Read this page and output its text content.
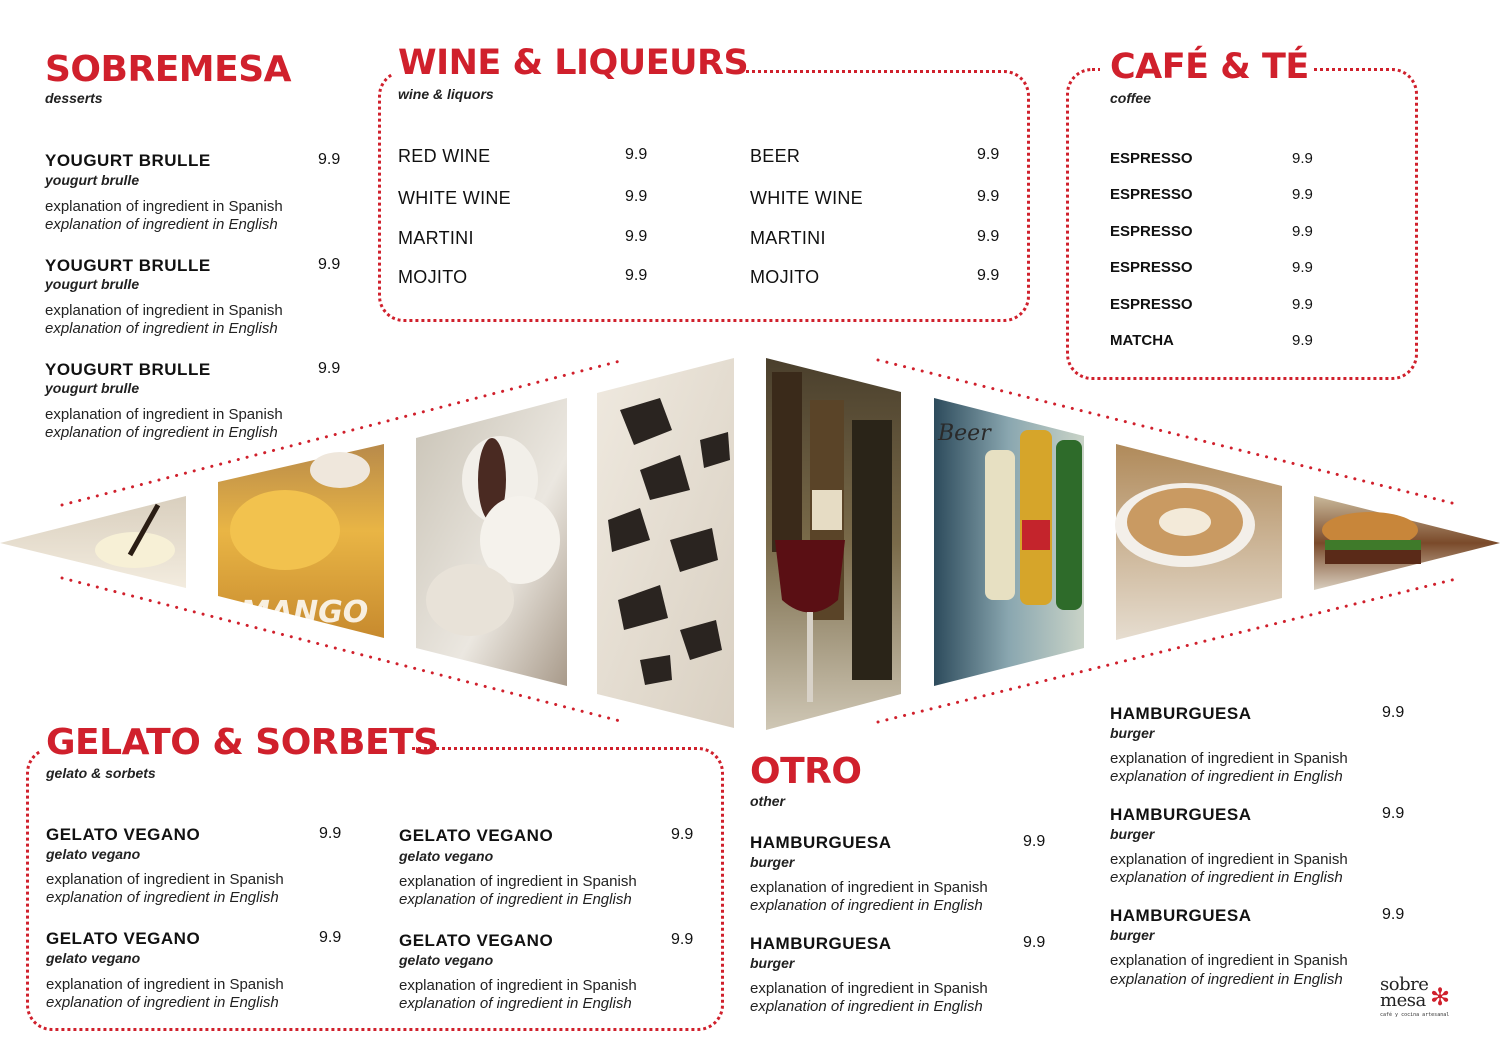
MANGO
Beer
SOBREMESA
desserts
YOUGURT BRULLE	9.9
yougurt brulle
explanation of ingredient in Spanish
explanation of ingredient in English
YOUGURT BRULLE	9.9
yougurt brulle
explanation of ingredient in Spanish
explanation of ingredient in English
YOUGURT BRULLE	9.9
yougurt brulle
explanation of ingredient in Spanish
explanation of ingredient in English
WINE & LIQUEURS
wine & liquors
RED WINE	9.9
WHITE WINE	9.9
MARTINI	9.9
MOJITO	9.9
BEER	9.9
WHITE WINE	9.9
MARTINI	9.9
MOJITO	9.9
CAFÉ & TÉ
coffee
ESPRESSO	9.9
ESPRESSO	9.9
ESPRESSO	9.9
ESPRESSO	9.9
ESPRESSO	9.9
MATCHA	9.9
GELATO & SORBETS
gelato & sorbets
GELATO VEGANO	9.9
gelato vegano
explanation of ingredient in Spanish
explanation of ingredient in English
GELATO VEGANO	9.9
gelato vegano
explanation of ingredient in Spanish
explanation of ingredient in English
GELATO VEGANO	9.9
gelato vegano
explanation of ingredient in Spanish
explanation of ingredient in English
GELATO VEGANO	9.9
gelato vegano
explanation of ingredient in Spanish
explanation of ingredient in English
OTRO
other
HAMBURGUESA	9.9
burger
explanation of ingredient in Spanish
explanation of ingredient in English
HAMBURGUESA	9.9
burger
explanation of ingredient in Spanish
explanation of ingredient in English
HAMBURGUESA	9.9
burger
explanation of ingredient in Spanish
explanation of ingredient in English
HAMBURGUESA	9.9
burger
explanation of ingredient in Spanish
explanation of ingredient in English
HAMBURGUESA	9.9
burger
explanation of ingredient in Spanish
explanation of ingredient in English sobre
mesa ✻
café y cocina artesanal
